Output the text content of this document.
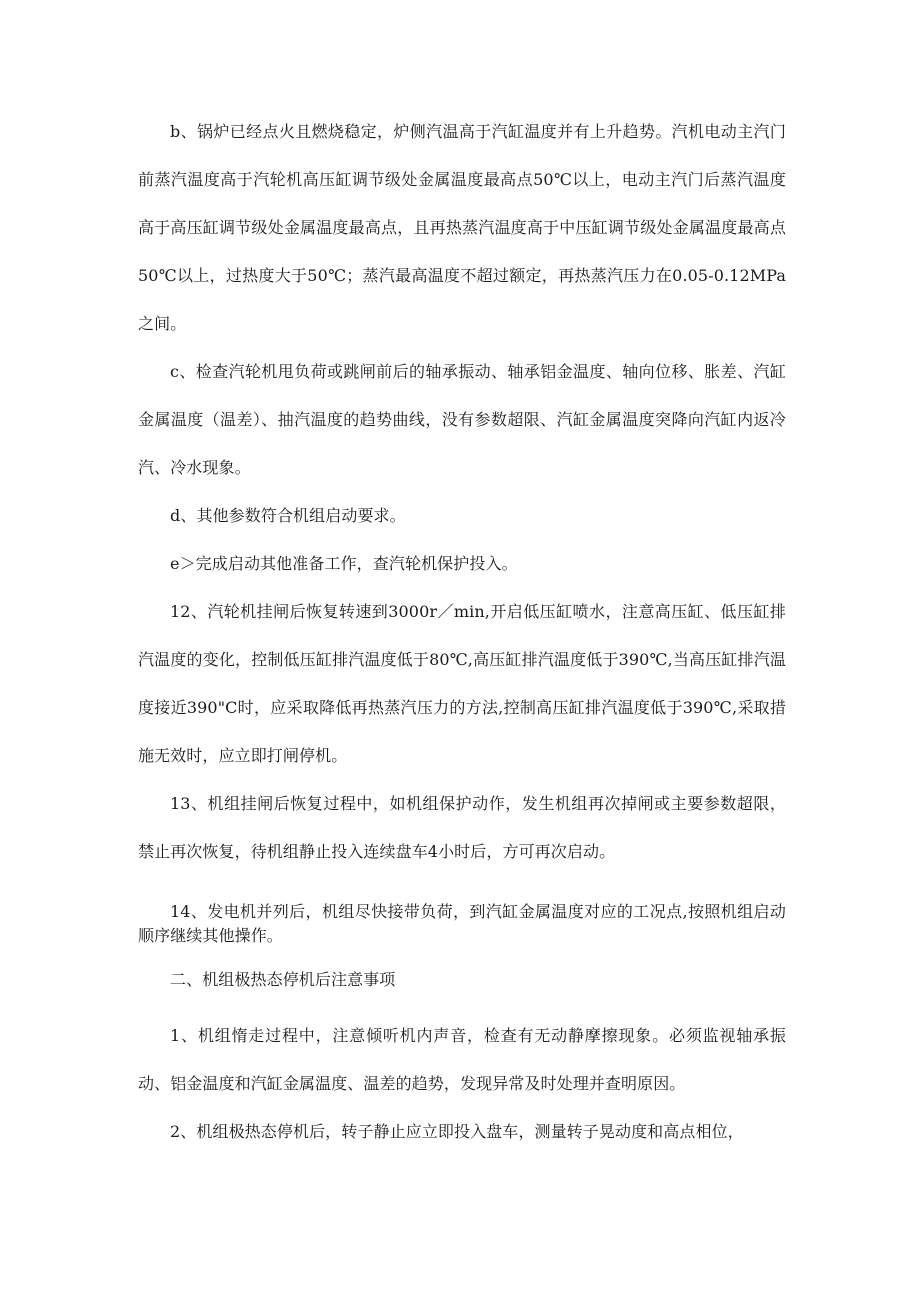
b、锅炉已经点火且燃烧稳定，炉侧汽温高于汽缸温度并有上升趋势。汽机电动主汽门前蒸汽温度高于汽轮机高压缸调节级处金属温度最高点50℃以上，电动主汽门后蒸汽温度高于高压缸调节级处金属温度最高点，且再热蒸汽温度高于中压缸调节级处金属温度最高点50℃以上，过热度大于50℃；蒸汽最高温度不超过额定，再热蒸汽压力在0.05-0.12MPa之间。

c、检查汽轮机甩负荷或跳闸前后的轴承振动、轴承铝金温度、轴向位移、胀差、汽缸金属温度（温差）、抽汽温度的趋势曲线，没有参数超限、汽缸金属温度突降向汽缸内返冷汽、冷水现象。

d、其他参数符合机组启动要求。

e＞完成启动其他准备工作，查汽轮机保护投入。

12、汽轮机挂闸后恢复转速到3000r／min,开启低压缸喷水，注意高压缸、低压缸排汽温度的变化，控制低压缸排汽温度低于80℃,高压缸排汽温度低于390℃,当高压缸排汽温度接近390"C时，应采取降低再热蒸汽压力的方法,控制高压缸排汽温度低于390℃,采取措施无效时，应立即打闸停机。

13、机组挂闸后恢复过程中，如机组保护动作，发生机组再次掉闸或主要参数超限，禁止再次恢复，待机组静止投入连续盘车4小时后，方可再次启动。

14、发电机并列后，机组尽快接带负荷，到汽缸金属温度对应的工况点,按照机组启动顺序继续其他操作。

二、机组极热态停机后注意事项

1、机组惰走过程中，注意倾听机内声音，检查有无动静摩擦现象。必须监视轴承振动、铝金温度和汽缸金属温度、温差的趋势，发现异常及时处理并查明原因。

2、机组极热态停机后，转子静止应立即投入盘车，测量转子晃动度和高点相位，
